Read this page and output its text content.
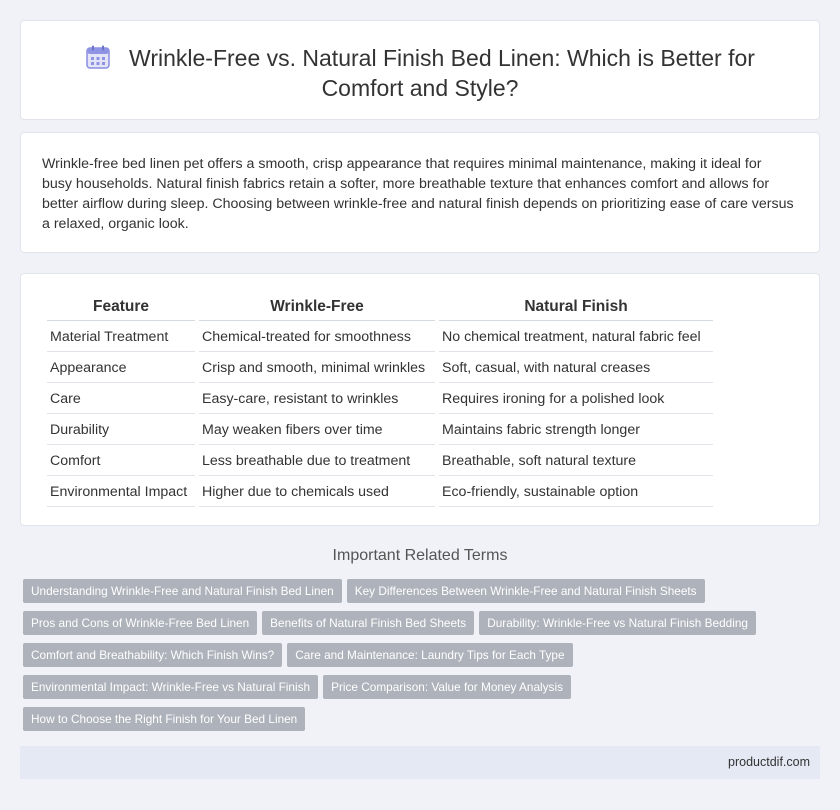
Wrinkle-Free vs. Natural Finish Bed Linen: Which is Better for Comfort and Style?

Wrinkle-free bed linen pet offers a smooth, crisp appearance that requires minimal maintenance, making it ideal for busy households. Natural finish fabrics retain a softer, more breathable texture that enhances comfort and allows for better airflow during sleep. Choosing between wrinkle-free and natural finish depends on prioritizing ease of care versus a relaxed, organic look.

Feature	Wrinkle-Free	Natural Finish
Material Treatment	Chemical-treated for smoothness	No chemical treatment, natural fabric feel
Appearance	Crisp and smooth, minimal wrinkles	Soft, casual, with natural creases
Care	Easy-care, resistant to wrinkles	Requires ironing for a polished look
Durability	May weaken fibers over time	Maintains fabric strength longer
Comfort	Less breathable due to treatment	Breathable, soft natural texture
Environmental Impact	Higher due to chemicals used	Eco-friendly, sustainable option
Important Related Terms
Understanding Wrinkle-Free and Natural Finish Bed Linen Key Differences Between Wrinkle-Free and Natural Finish Sheets
Pros and Cons of Wrinkle-Free Bed Linen Benefits of Natural Finish Bed Sheets Durability: Wrinkle-Free vs Natural Finish Bedding
Comfort and Breathability: Which Finish Wins? Care and Maintenance: Laundry Tips for Each Type
Environmental Impact: Wrinkle-Free vs Natural Finish Price Comparison: Value for Money Analysis
How to Choose the Right Finish for Your Bed Linen
productdif.com
